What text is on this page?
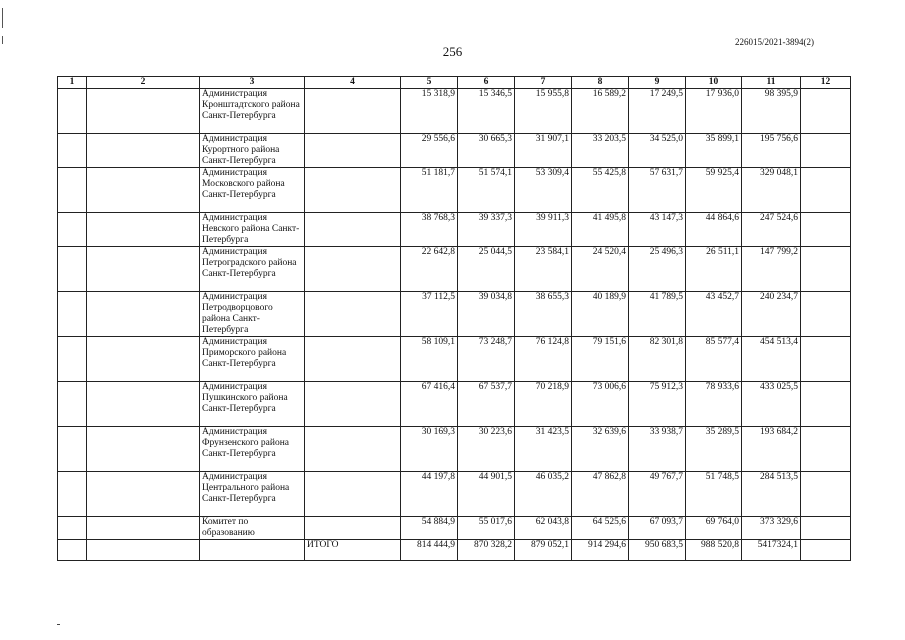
226015/2021-3894(2)
256
1	2	3	4	5	6	7	8	9	10	11	12
		Администрация Кронштадтского района Санкт-Петербурга		15 318,9	15 346,5	15 955,8	16 589,2	17 249,5	17 936,0	98 395,9	
		Администрация Курортного района Санкт-Петербурга		29 556,6	30 665,3	31 907,1	33 203,5	34 525,0	35 899,1	195 756,6	
		Администрация Московского района Санкт-Петербурга		51 181,7	51 574,1	53 309,4	55 425,8	57 631,7	59 925,4	329 048,1	
		Администрация Невского района Санкт-Петербурга		38 768,3	39 337,3	39 911,3	41 495,8	43 147,3	44 864,6	247 524,6	
		Администрация Петроградского района Санкт-Петербурга		22 642,8	25 044,5	23 584,1	24 520,4	25 496,3	26 511,1	147 799,2	
		Администрация Петродворцового района Санкт-Петербурга		37 112,5	39 034,8	38 655,3	40 189,9	41 789,5	43 452,7	240 234,7	
		Администрация Приморского района Санкт-Петербурга		58 109,1	73 248,7	76 124,8	79 151,6	82 301,8	85 577,4	454 513,4	
		Администрация Пушкинского района Санкт-Петербурга		67 416,4	67 537,7	70 218,9	73 006,6	75 912,3	78 933,6	433 025,5	
		Администрация Фрунзенского района Санкт-Петербурга		30 169,3	30 223,6	31 423,5	32 639,6	33 938,7	35 289,5	193 684,2	
		Администрация Центрального района Санкт-Петербурга		44 197,8	44 901,5	46 035,2	47 862,8	49 767,7	51 748,5	284 513,5	
		Комитет по образованию		54 884,9	55 017,6	62 043,8	64 525,6	67 093,7	69 764,0	373 329,6	
			ИТОГО	814 444,9	870 328,2	879 052,1	914 294,6	950 683,5	988 520,8	5417324,1	
